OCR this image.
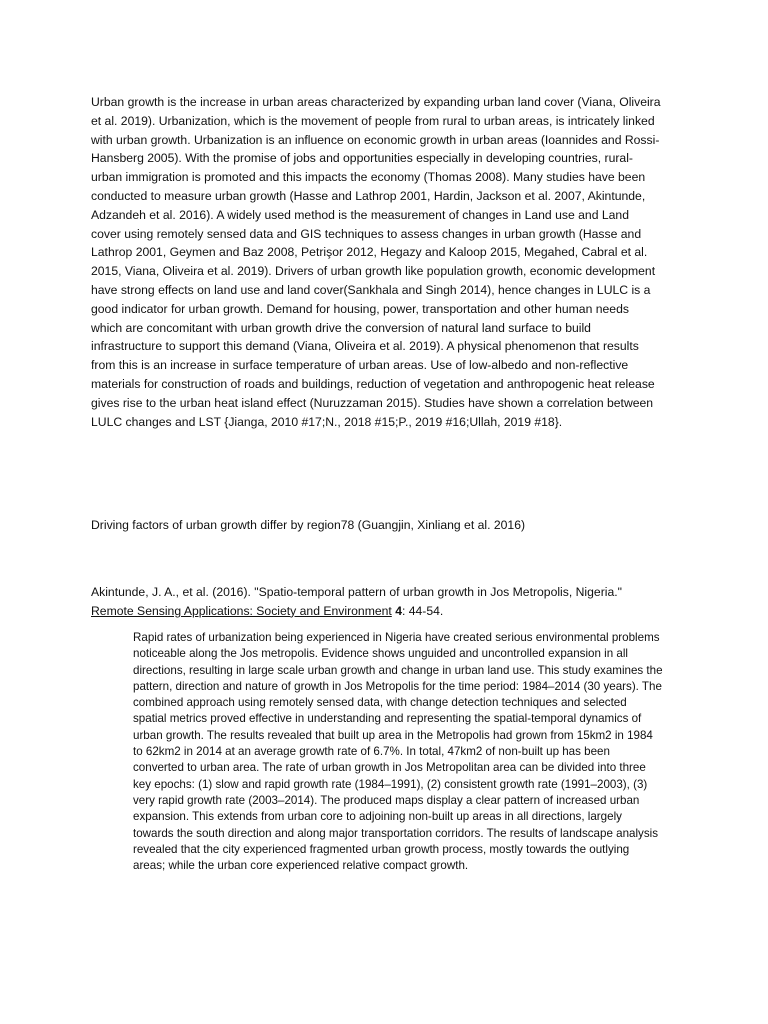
Urban growth is the increase in urban areas characterized by expanding urban land cover (Viana, Oliveira et al. 2019). Urbanization, which is the movement of people from rural to urban areas, is intricately linked with urban growth. Urbanization is an influence on economic growth in urban areas (Ioannides and Rossi-Hansberg 2005). With the promise of jobs and opportunities especially in developing countries, rural-urban immigration is promoted and this impacts the economy (Thomas 2008). Many studies have been conducted to measure urban growth (Hasse and Lathrop 2001, Hardin, Jackson et al. 2007, Akintunde, Adzandeh et al. 2016). A widely used method is the measurement of changes in Land use and Land cover using remotely sensed data and GIS techniques to assess changes in urban growth (Hasse and Lathrop 2001, Geymen and Baz 2008, Petrişor 2012, Hegazy and Kaloop 2015, Megahed, Cabral et al. 2015, Viana, Oliveira et al. 2019). Drivers of urban growth like population growth, economic development have strong effects on land use and land cover(Sankhala and Singh 2014), hence changes in LULC is a good indicator for urban growth. Demand for housing, power, transportation and other human needs which are concomitant with urban growth drive the conversion of natural land surface to build infrastructure to support this demand (Viana, Oliveira et al. 2019). A physical phenomenon that results from this is an increase in surface temperature of urban areas. Use of low-albedo and non-reflective materials for construction of roads and buildings, reduction of vegetation and anthropogenic heat release gives rise to the urban heat island effect (Nuruzzaman 2015). Studies have shown a correlation between LULC changes and LST {Jianga, 2010 #17;N., 2018 #15;P., 2019 #16;Ullah, 2019 #18}.

Driving factors of urban growth differ by region78 (Guangjin, Xinliang et al. 2016)

Akintunde, J. A., et al. (2016). "Spatio-temporal pattern of urban growth in Jos Metropolis, Nigeria."
Remote Sensing Applications: Society and Environment 4: 44-54.

Rapid rates of urbanization being experienced in Nigeria have created serious environmental problems noticeable along the Jos metropolis. Evidence shows unguided and uncontrolled expansion in all directions, resulting in large scale urban growth and change in urban land use. This study examines the pattern, direction and nature of growth in Jos Metropolis for the time period: 1984–2014 (30 years). The combined approach using remotely sensed data, with change detection techniques and selected spatial metrics proved effective in understanding and representing the spatial-temporal dynamics of urban growth. The results revealed that built up area in the Metropolis had grown from 15km2 in 1984 to 62km2 in 2014 at an average growth rate of 6.7%. In total, 47km2 of non-built up has been converted to urban area. The rate of urban growth in Jos Metropolitan area can be divided into three key epochs: (1) slow and rapid growth rate (1984–1991), (2) consistent growth rate (1991–2003), (3) very rapid growth rate (2003–2014). The produced maps display a clear pattern of increased urban expansion. This extends from urban core to adjoining non-built up areas in all directions, largely towards the south direction and along major transportation corridors. The results of landscape analysis revealed that the city experienced fragmented urban growth process, mostly towards the outlying areas; while the urban core experienced relative compact growth.
